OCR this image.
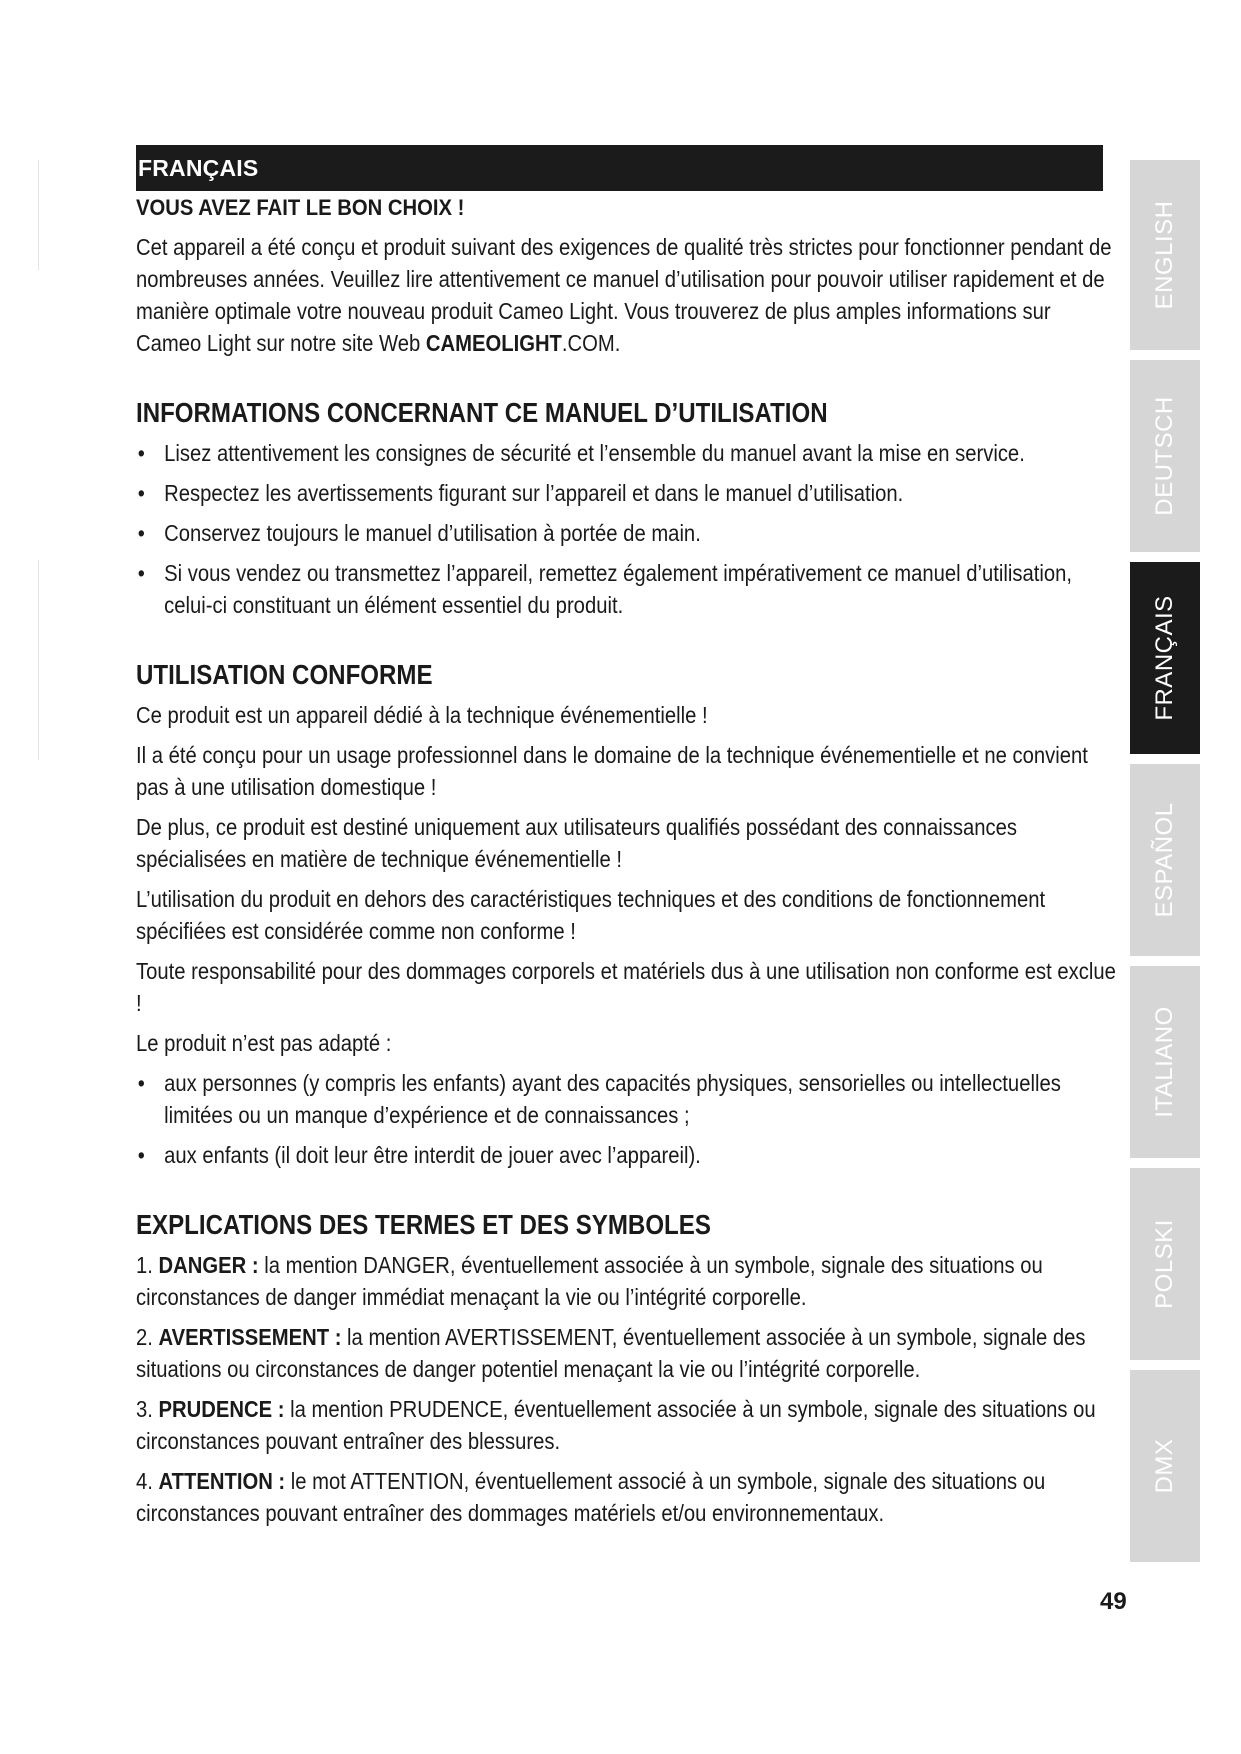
FRANÇAIS
VOUS AVEZ FAIT LE BON CHOIX !

Cet appareil a été conçu et produit suivant des exigences de qualité très strictes pour fonctionner pendant de nombreuses années. Veuillez lire attentivement ce manuel d’utilisation pour pouvoir utiliser rapidement et de manière optimale votre nouveau produit Cameo Light. Vous trouverez de plus amples informations sur Cameo Light sur notre site Web CAMEOLIGHT.COM.

INFORMATIONS CONCERNANT CE MANUEL D’UTILISATION
• Lisez attentivement les consignes de sécurité et l’ensemble du manuel avant la mise en service.
• Respectez les avertissements figurant sur l’appareil et dans le manuel d’utilisation.
• Conservez toujours le manuel d’utilisation à portée de main.
• Si vous vendez ou transmettez l’appareil, remettez également impérativement ce manuel d’utilisation, celui-ci constituant un élément essentiel du produit.
UTILISATION CONFORME

Ce produit est un appareil dédié à la technique événementielle !

Il a été conçu pour un usage professionnel dans le domaine de la technique événementielle et ne convient pas à une utilisation domestique !

De plus, ce produit est destiné uniquement aux utilisateurs qualifiés possédant des connaissances spécialisées en matière de technique événementielle !

L’utilisation du produit en dehors des caractéristiques techniques et des conditions de fonctionnement spécifiées est considérée comme non conforme !

Toute responsabilité pour des dommages corporels et matériels dus à une utilisation non conforme est exclue !

Le produit n’est pas adapté :

• aux personnes (y compris les enfants) ayant des capacités physiques, sensorielles ou intellectuelles limitées ou un manque d’expérience et de connaissances ;
• aux enfants (il doit leur être interdit de jouer avec l’appareil).
EXPLICATIONS DES TERMES ET DES SYMBOLES

1. DANGER : la mention DANGER, éventuellement associée à un symbole, signale des situations ou circonstances de danger immédiat menaçant la vie ou l’intégrité corporelle.

2. AVERTISSEMENT : la mention AVERTISSEMENT, éventuellement associée à un symbole, signale des situations ou circonstances de danger potentiel menaçant la vie ou l’intégrité corporelle.

3. PRUDENCE : la mention PRUDENCE, éventuellement associée à un symbole, signale des situations ou circonstances pouvant entraîner des blessures.

4. ATTENTION : le mot ATTENTION, éventuellement associé à un symbole, signale des situations ou circonstances pouvant entraîner des dommages matériels et/ou environnementaux.

ENGLISH
DEUTSCH
FRANÇAIS
ESPAÑOL
ITALIANO
POLSKI
DMX
49
